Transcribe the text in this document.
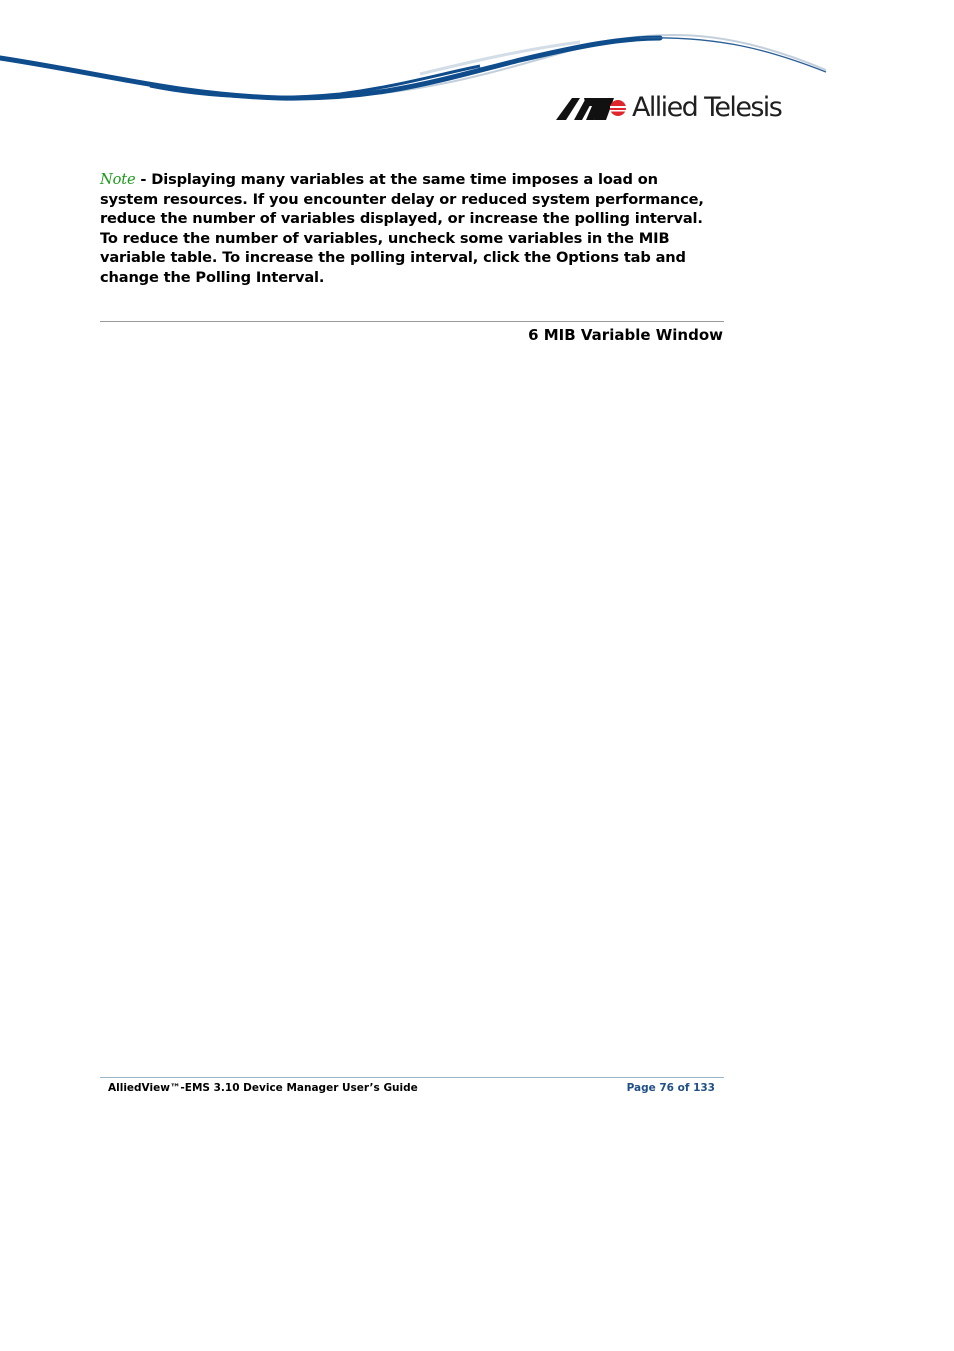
Allied Telesis

Note - Displaying many variables at the same time imposes a load on system resources. If you encounter delay or reduced system performance, reduce the number of variables displayed, or increase the polling interval. To reduce the number of variables, uncheck some variables in the MIB variable table. To increase the polling interval, click the Options tab and change the Polling Interval.

6 MIB Variable Window
AlliedView™-EMS 3.10 Device Manager User’s Guide	Page 76 of 133
